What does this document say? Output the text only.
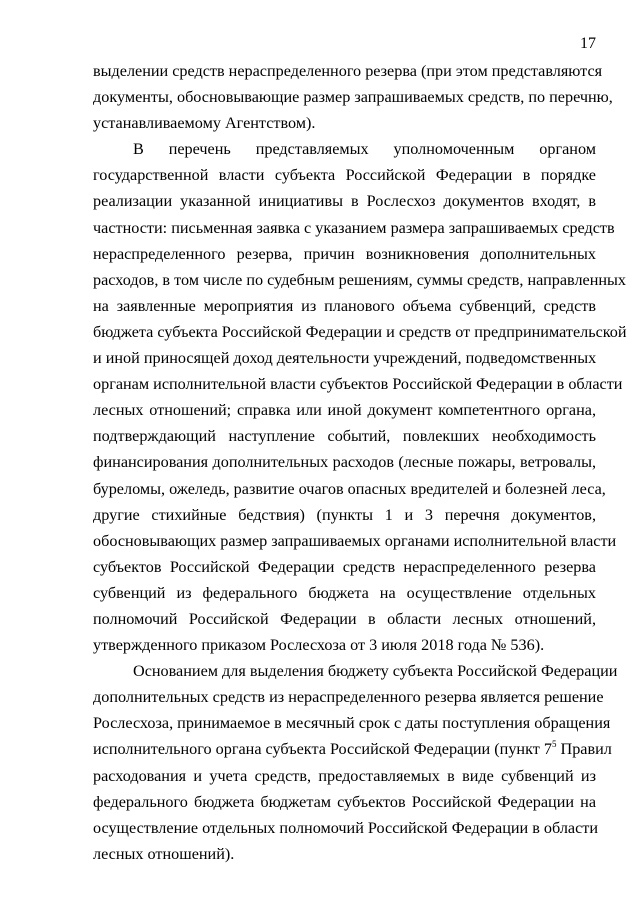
17
выделении средств нераспределенного резерва (при этом представляются
документы, обосновывающие размер запрашиваемых средств, по перечню,
устанавливаемому Агентством).
В перечень представляемых уполномоченным органом
государственной власти субъекта Российской Федерации в порядке
реализации указанной инициативы в Рослесхоз документов входят, в
частности: письменная заявка с указанием размера запрашиваемых средств
нераспределенного резерва, причин возникновения дополнительных
расходов, в том числе по судебным решениям, суммы средств, направленных
на заявленные мероприятия из планового объема субвенций, средств
бюджета субъекта Российской Федерации и средств от предпринимательской
и иной приносящей доход деятельности учреждений, подведомственных
органам исполнительной власти субъектов Российской Федерации в области
лесных отношений; справка или иной документ компетентного органа,
подтверждающий наступление событий, повлекших необходимость
финансирования дополнительных расходов (лесные пожары, ветровалы,
буреломы, ожеледь, развитие очагов опасных вредителей и болезней леса,
другие стихийные бедствия) (пункты 1 и 3 перечня документов,
обосновывающих размер запрашиваемых органами исполнительной власти
субъектов Российской Федерации средств нераспределенного резерва
субвенций из федерального бюджета на осуществление отдельных
полномочий Российской Федерации в области лесных отношений,
утвержденного приказом Рослесхоза от 3 июля 2018 года № 536).
Основанием для выделения бюджету субъекта Российской Федерации
дополнительных средств из нераспределенного резерва является решение
Рослесхоза, принимаемое в месячный срок с даты поступления обращения
исполнительного органа субъекта Российской Федерации (пункт $7^5$ Правил
расходования и учета средств, предоставляемых в виде субвенций из
федерального бюджета бюджетам субъектов Российской Федерации на
осуществление отдельных полномочий Российской Федерации в области
лесных отношений).
